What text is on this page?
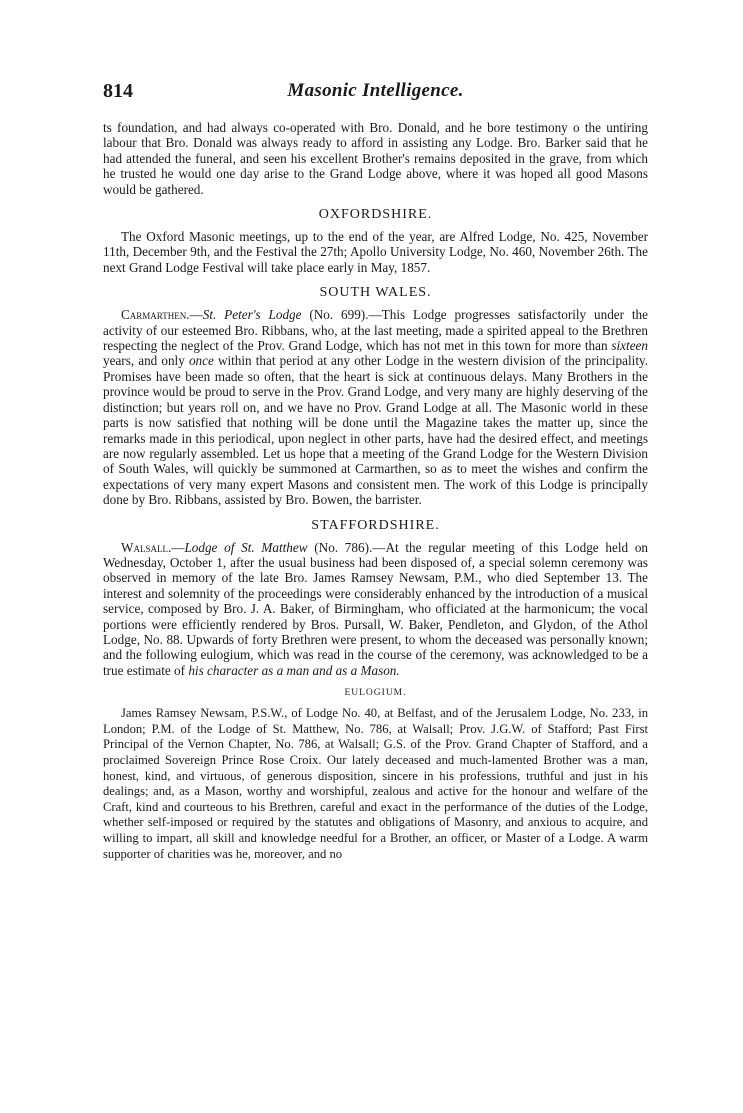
814	Masonic Intelligence.

ts foundation, and had always co-operated with Bro. Donald, and he bore testimony o the untiring labour that Bro. Donald was always ready to afford in assisting any Lodge. Bro. Barker said that he had attended the funeral, and seen his excellent Brother's remains deposited in the grave, from which he trusted he would one day arise to the Grand Lodge above, where it was hoped all good Masons would be gathered.

OXFORDSHIRE.

The Oxford Masonic meetings, up to the end of the year, are Alfred Lodge, No. 425, November 11th, December 9th, and the Festival the 27th; Apollo University Lodge, No. 460, November 26th. The next Grand Lodge Festival will take place early in May, 1857.

SOUTH WALES.

Carmarthen.—St. Peter's Lodge (No. 699).—This Lodge progresses satisfactorily under the activity of our esteemed Bro. Ribbans, who, at the last meeting, made a spirited appeal to the Brethren respecting the neglect of the Prov. Grand Lodge, which has not met in this town for more than sixteen years, and only once within that period at any other Lodge in the western division of the principality. Promises have been made so often, that the heart is sick at continuous delays. Many Brothers in the province would be proud to serve in the Prov. Grand Lodge, and very many are highly deserving of the distinction; but years roll on, and we have no Prov. Grand Lodge at all. The Masonic world in these parts is now satisfied that nothing will be done until the Magazine takes the matter up, since the remarks made in this periodical, upon neglect in other parts, have had the desired effect, and meetings are now regularly assembled. Let us hope that a meeting of the Grand Lodge for the Western Division of South Wales, will quickly be summoned at Carmarthen, so as to meet the wishes and confirm the expectations of very many expert Masons and consistent men. The work of this Lodge is principally done by Bro. Ribbans, assisted by Bro. Bowen, the barrister.

STAFFORDSHIRE.

Walsall.—Lodge of St. Matthew (No. 786).—At the regular meeting of this Lodge held on Wednesday, October 1, after the usual business had been disposed of, a special solemn ceremony was observed in memory of the late Bro. James Ramsey Newsam, P.M., who died September 13. The interest and solemnity of the proceedings were considerably enhanced by the introduction of a musical service, composed by Bro. J. A. Baker, of Birmingham, who officiated at the harmonicum; the vocal portions were efficiently rendered by Bros. Pursall, W. Baker, Pendleton, and Glydon, of the Athol Lodge, No. 88. Upwards of forty Brethren were present, to whom the deceased was personally known; and the following eulogium, which was read in the course of the ceremony, was acknowledged to be a true estimate of his character as a man and as a Mason.

EULOGIUM.

James Ramsey Newsam, P.S.W., of Lodge No. 40, at Belfast, and of the Jerusalem Lodge, No. 233, in London; P.M. of the Lodge of St. Matthew, No. 786, at Walsall; Prov. J.G.W. of Stafford; Past First Principal of the Vernon Chapter, No. 786, at Walsall; G.S. of the Prov. Grand Chapter of Stafford, and a proclaimed Sovereign Prince Rose Croix. Our lately deceased and much-lamented Brother was a man, honest, kind, and virtuous, of generous disposition, sincere in his professions, truthful and just in his dealings; and, as a Mason, worthy and worshipful, zealous and active for the honour and welfare of the Craft, kind and courteous to his Brethren, careful and exact in the performance of the duties of the Lodge, whether self-imposed or required by the statutes and obligations of Masonry, and anxious to acquire, and willing to impart, all skill and knowledge needful for a Brother, an officer, or Master of a Lodge. A warm supporter of charities was he, moreover, and no
